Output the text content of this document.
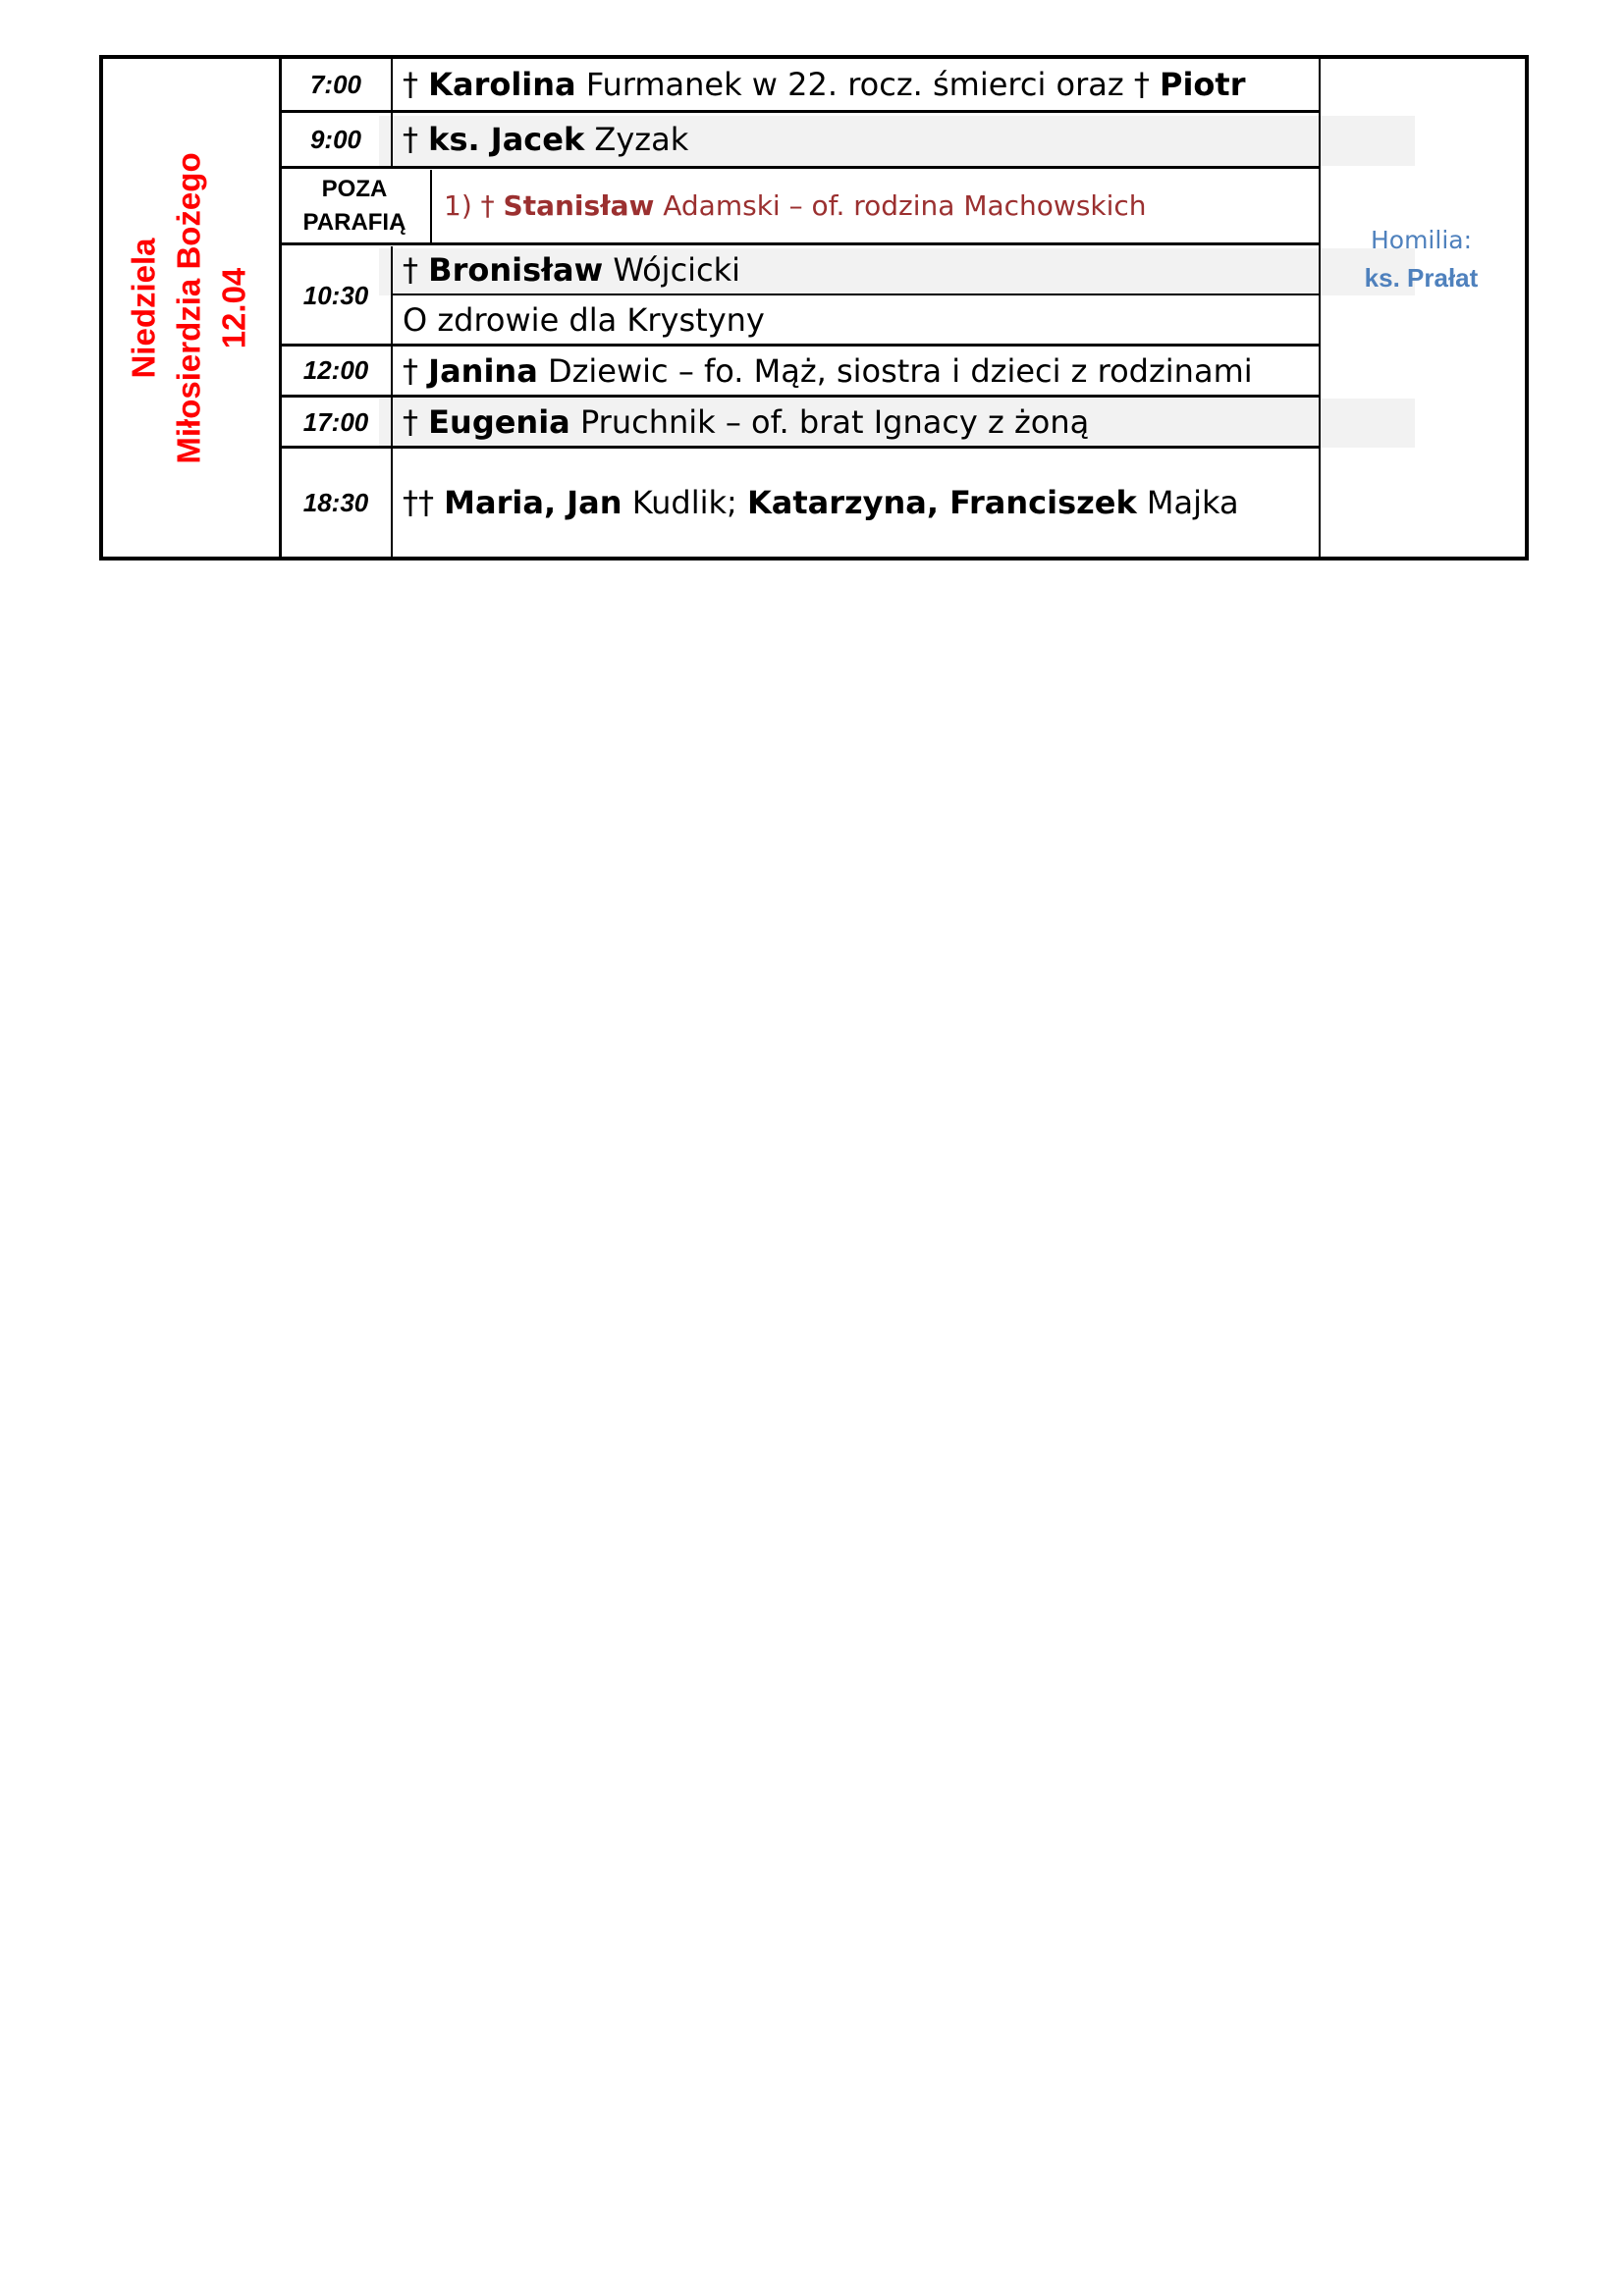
Niedziela Miłosierdzia Bożego 12.04
7:00
9:00
POZA
PARAFIĄ
10:30
12:00
17:00
18:30
† Karolina Furmanek w 22. rocz. śmierci oraz † Piotr
† ks. Jacek Zyzak
1) † Stanisław Adamski – of. rodzina Machowskich
† Bronisław Wójcicki
O zdrowie dla Krystyny
† Janina Dziewic – fo. Mąż, siostra i dzieci z rodzinami
† Eugenia Pruchnik – of. brat Ignacy z żoną
†† Maria, Jan Kudlik; Katarzyna, Franciszek Majka
Homilia:
ks. Prałat
